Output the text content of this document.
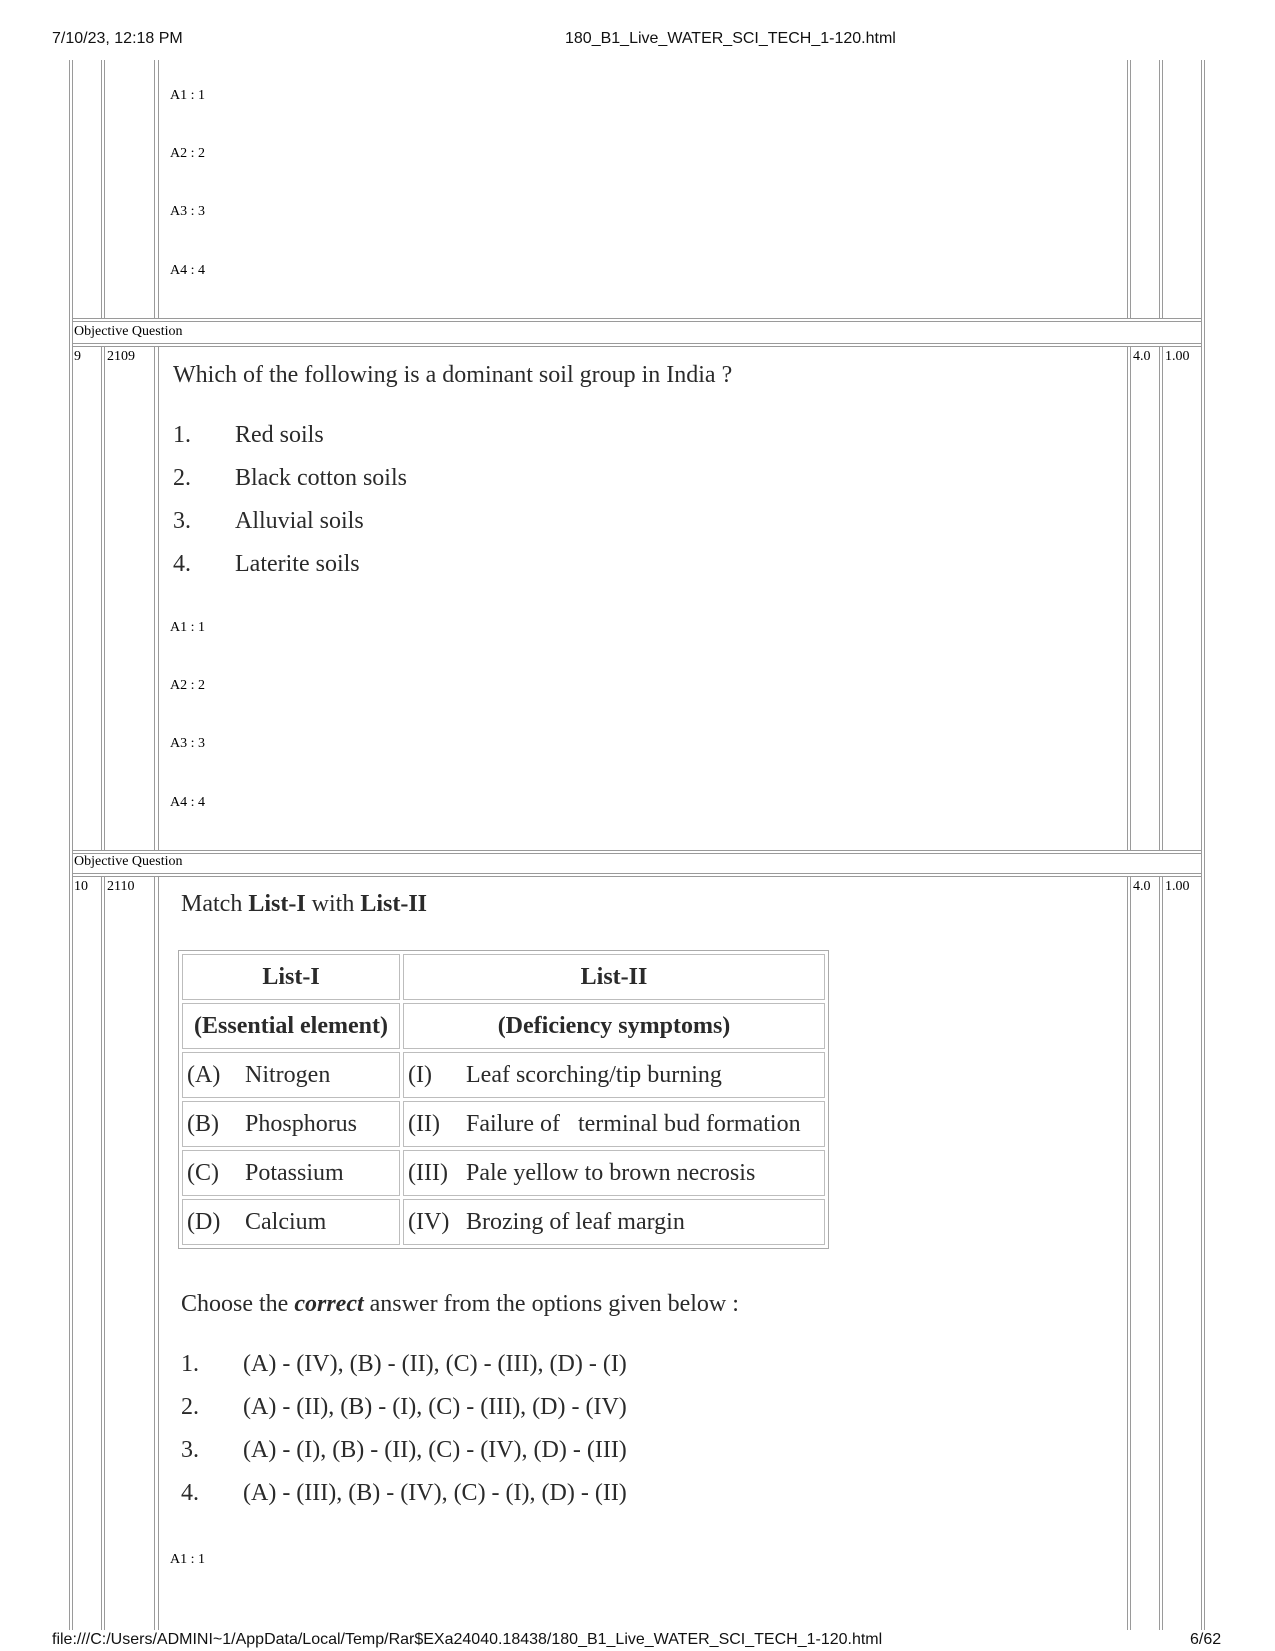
7/10/23, 12:18 PM	180_B1_Live_WATER_SCI_TECH_1-120.html
A1 : 1
A2 : 2
A3 : 3
A4 : 4
Objective Question
9 2109	4.0 1.00
Which of the following is a dominant soil group in India ?
1. Red soils
2. Black cotton soils
3. Alluvial soils
4. Laterite soils
A1 : 1
A2 : 2
A3 : 3
A4 : 4
Objective Question
10 2110	4.0 1.00
Match List-I with List-II
List-I	List-II
(Essential element)	(Deficiency symptoms)
(A) Nitrogen	(I) Leaf scorching/tip burning
(B) Phosphorus	(II) Failure of   terminal bud formation
(C) Potassium	(III) Pale yellow to brown necrosis
(D) Calcium	(IV) Brozing of leaf margin
Choose the correct answer from the options given below :
1. (A) - (IV), (B) - (II), (C) - (III), (D) - (I)
2. (A) - (II), (B) - (I), (C) - (III), (D) - (IV)
3. (A) - (I), (B) - (II), (C) - (IV), (D) - (III)
4. (A) - (III), (B) - (IV), (C) - (I), (D) - (II)
A1 : 1
file:///C:/Users/ADMINI~1/AppData/Local/Temp/Rar$EXa24040.18438/180_B1_Live_WATER_SCI_TECH_1-120.html	6/62
